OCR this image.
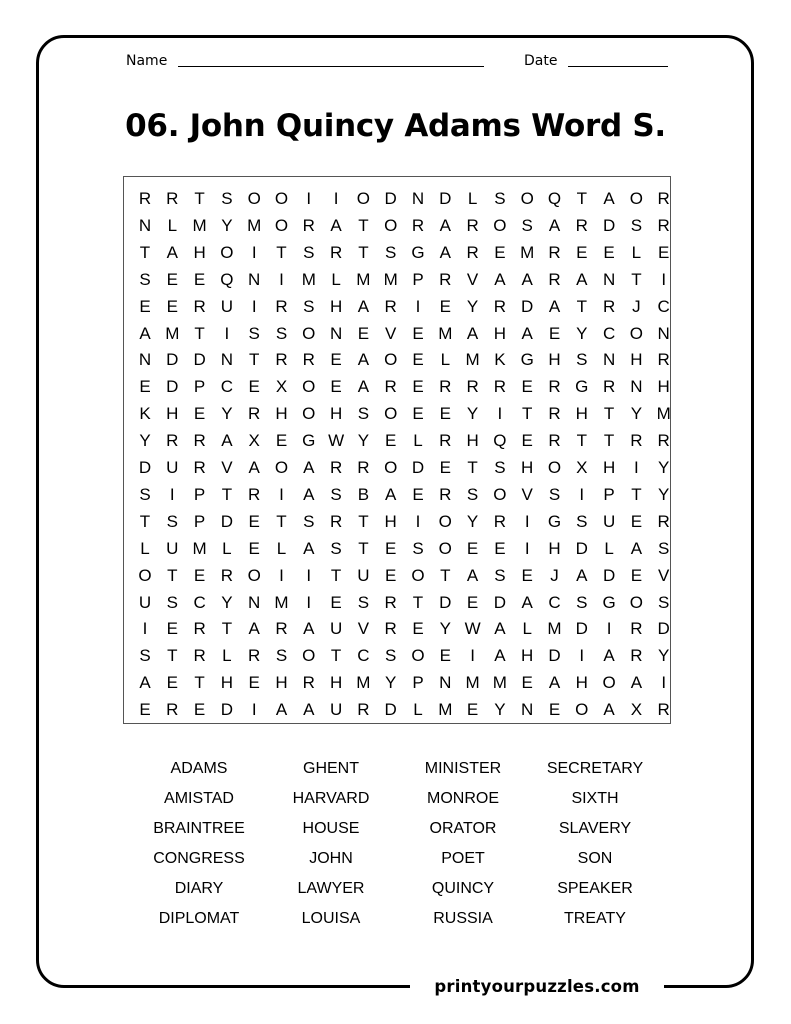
printyourpuzzles.com
Name	Date
06. John Quincy Adams Word S.
R R T S O O	I	I	O D N D L S O Q T A O R
N L M Y M O R A T O R A R O S A R D S R
T A H O	I	T S R T S G A R E M R E E L E
S E E Q N	I	M L M M P R V A A R A N T	I
E E R U	I	R S H A R	I	E Y R D A T R J C
A M T	I	S S O N E V E M A H A E Y C O N
N D D N T R R E A O E L M K G H S N H R
E D P C E X O E A R E R R R E R G R N H
K H E Y R H O H S O E E Y	I	T R H T Y M
Y R R A X E G W Y E L R H Q E R T T R R
D U R V A O A R R O D E T S H O X H	I	Y
S	I	P T R	I	A S B A E R S O V S	I	P T Y
T S P D E T S R T H	I	O Y R	I	G S U E R
L U M L E L A S T E S O E E	I	H D L A S
O T E R O	I	I	T U E O T A S E	J	A D E V
U S C Y N M	I	E S R T D E D A C S G O S
I	E R T A R A U V R E Y W A L M D	I	R D
S T R L R S O T C S O E	I	A H D	I	A R Y
A E T H E H R H M Y P N M M E A H O A	I
E R E D	I	A A U R D L M E Y N E O A X R
ADAMS	GHENT	MINISTER	SECRETARY
AMISTAD	HARVARD	MONROE	SIXTH
BRAINTREE	HOUSE	ORATOR	SLAVERY
CONGRESS	JOHN	POET	SON
DIARY	LAWYER	QUINCY	SPEAKER
DIPLOMAT	LOUISA	RUSSIA	TREATY
